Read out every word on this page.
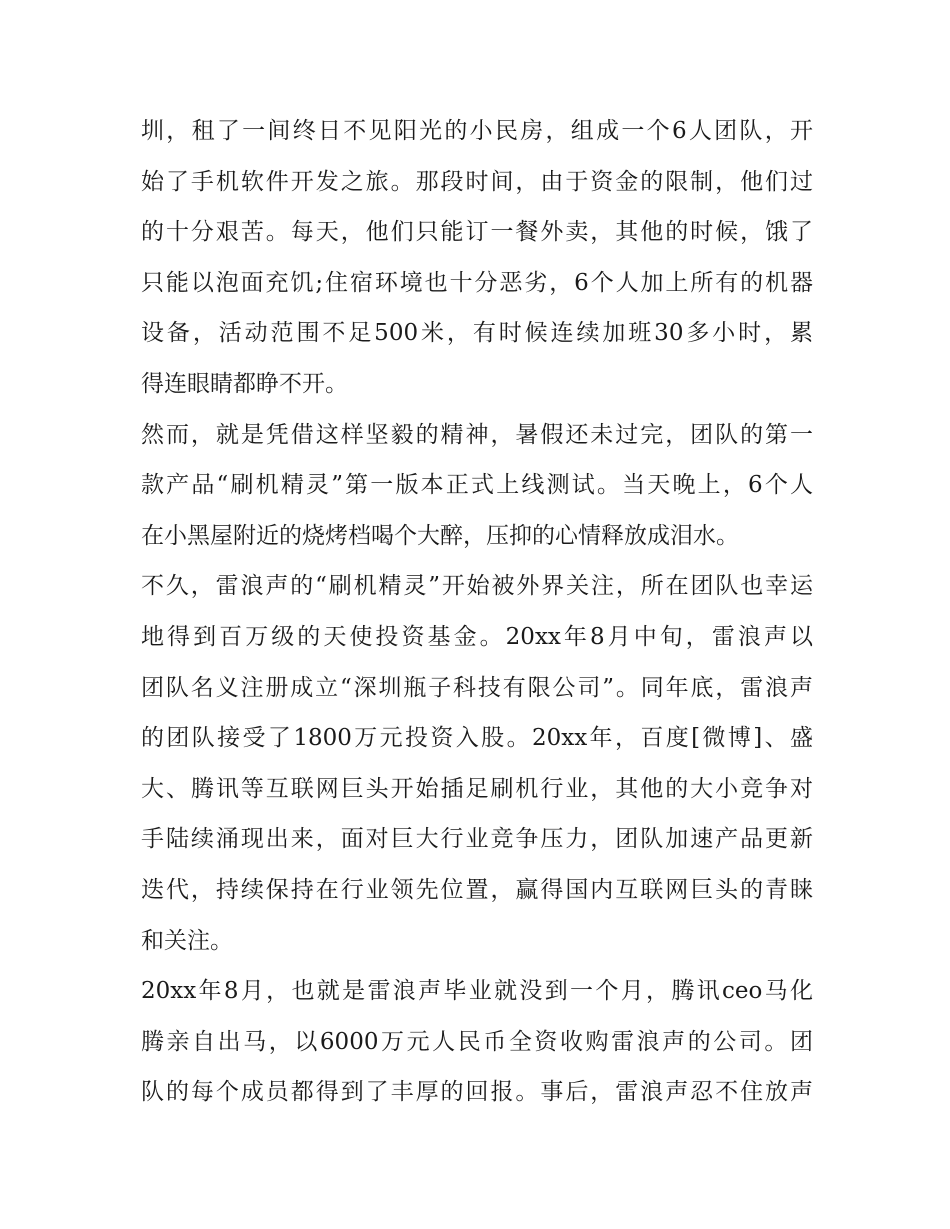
圳，租了一间终日不见阳光的小民房，组成一个6人团队，开
始了手机软件开发之旅。那段时间，由于资金的限制，他们过
的十分艰苦。每天，他们只能订一餐外卖，其他的时候，饿了
只能以泡面充饥;住宿环境也十分恶劣，6个人加上所有的机器
设备，活动范围不足500米，有时候连续加班30多小时，累
得连眼睛都睁不开。
然而，就是凭借这样坚毅的精神，暑假还未过完，团队的第一
款产品“刷机精灵”第一版本正式上线测试。当天晚上，6个人
在小黑屋附近的烧烤档喝个大醉，压抑的心情释放成泪水。
不久，雷浪声的“刷机精灵”开始被外界关注，所在团队也幸运
地得到百万级的天使投资基金。20xx年8月中旬，雷浪声以
团队名义注册成立“深圳瓶子科技有限公司”。同年底，雷浪声
的团队接受了1800万元投资入股。20xx年，百度[微博]、盛
大、腾讯等互联网巨头开始插足刷机行业，其他的大小竞争对
手陆续涌现出来，面对巨大行业竞争压力，团队加速产品更新
迭代，持续保持在行业领先位置，赢得国内互联网巨头的青睐
和关注。
20xx年8月，也就是雷浪声毕业就没到一个月，腾讯ceo马化
腾亲自出马，以6000万元人民币全资收购雷浪声的公司。团
队的每个成员都得到了丰厚的回报。事后，雷浪声忍不住放声
